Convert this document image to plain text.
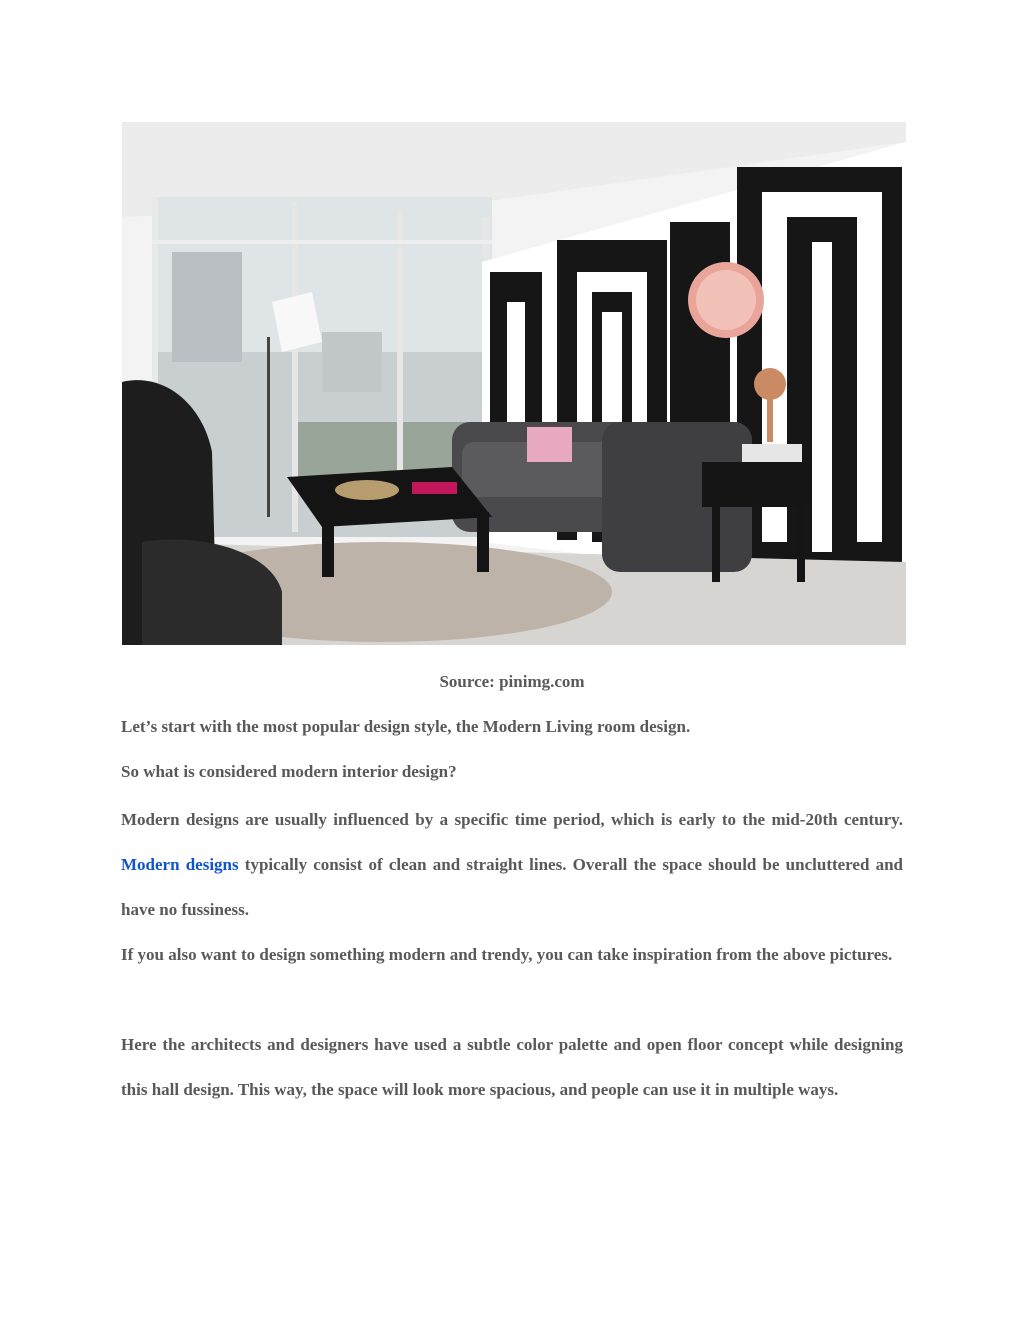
Source: pinimg.com

Let’s start with the most popular design style, the Modern Living room design.

So what is considered modern interior design?

Modern designs are usually influenced by a specific time period, which is early to the mid-20th century. Modern designs typically consist of clean and straight lines. Overall the space should be uncluttered and have no fussiness.

If you also want to design something modern and trendy, you can take inspiration from the above pictures.

Here the architects and designers have used a subtle color palette and open floor concept while designing this hall design. This way, the space will look more spacious, and people can use it in multiple ways.
